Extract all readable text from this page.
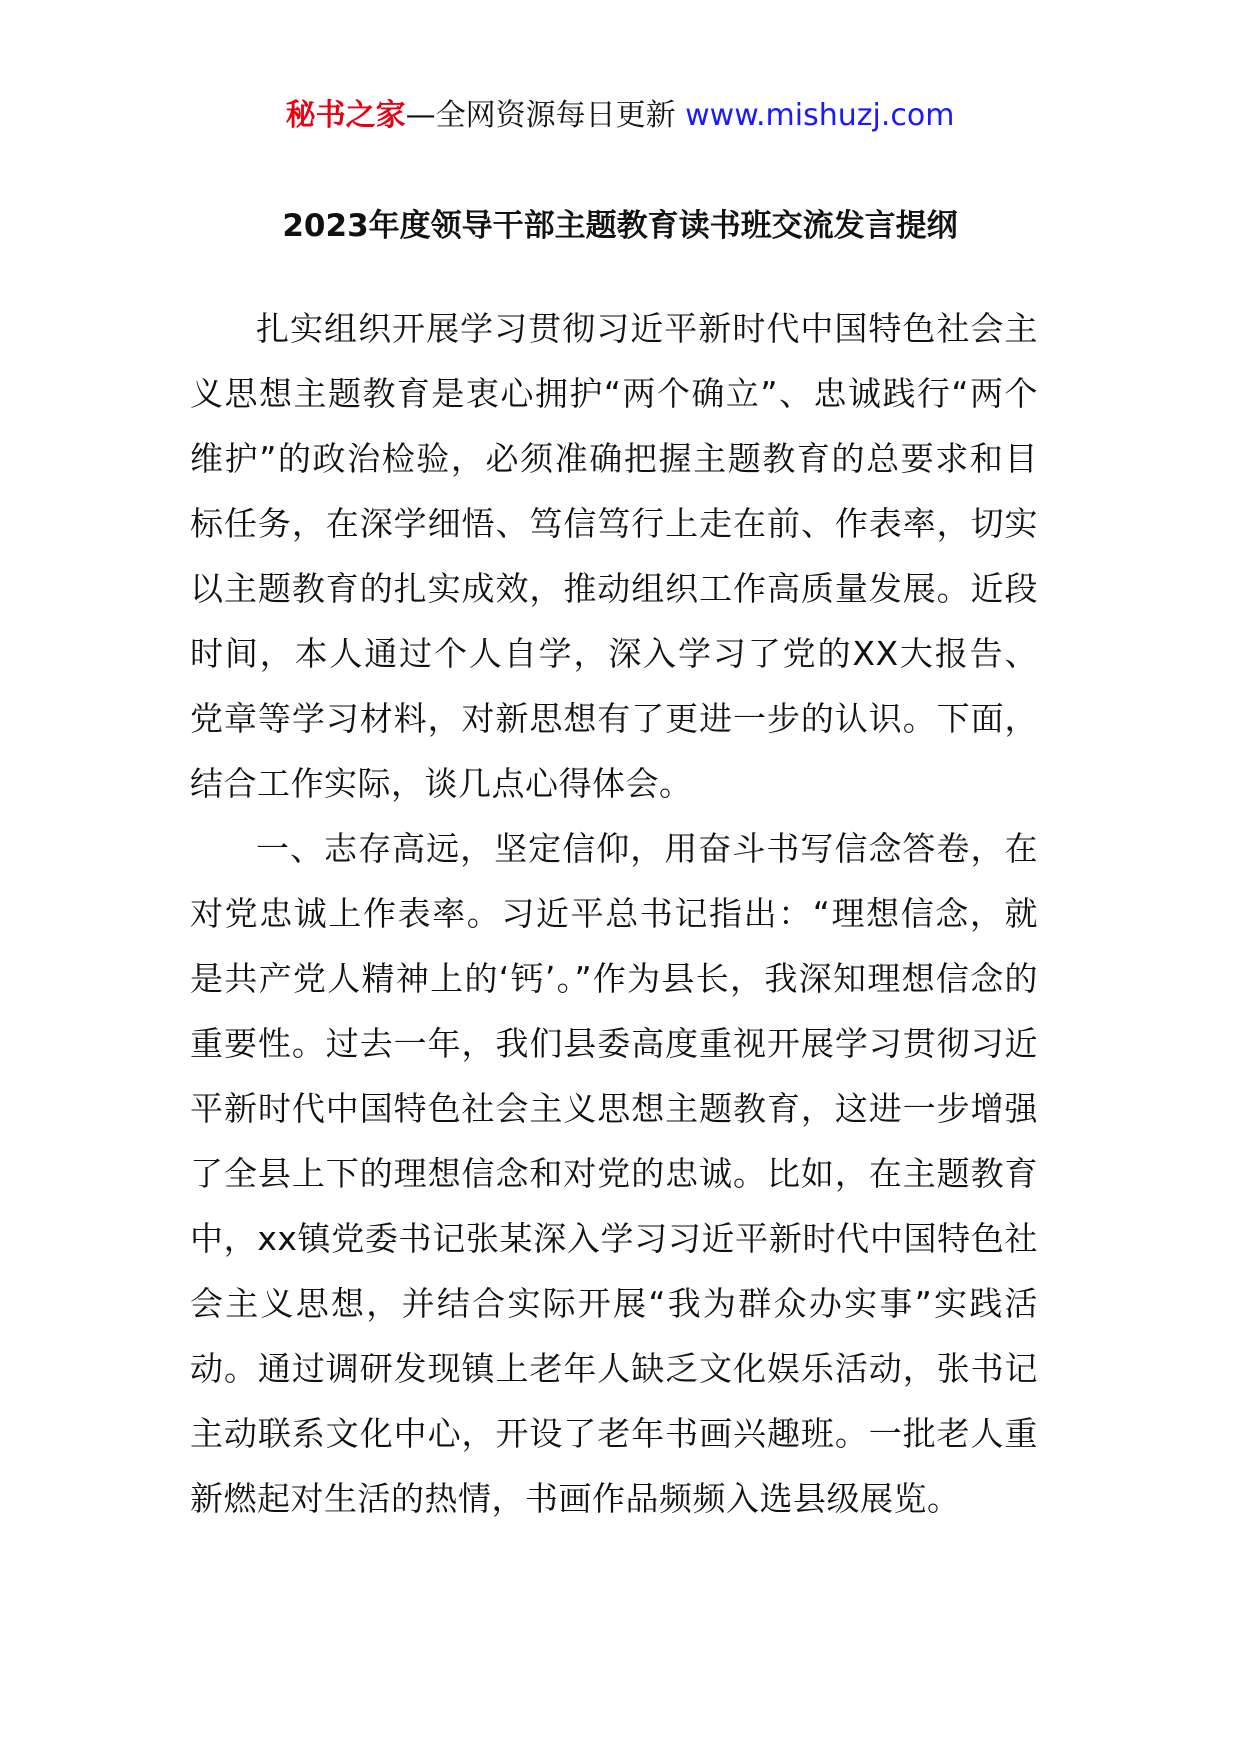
秘书之家—全网资源每日更新 www.mishuzj.com
2023年度领导干部主题教育读书班交流发言提纲

扎实组织开展学习贯彻习近平新时代中国特色社会主义思想主题教育是衷心拥护“两个确立”、忠诚践行“两个维护”的政治检验，必须准确把握主题教育的总要求和目标任务，在深学细悟、笃信笃行上走在前、作表率，切实以主题教育的扎实成效，推动组织工作高质量发展。近段时间，本人通过个人自学，深入学习了党的XX大报告、党章等学习材料，对新思想有了更进一步的认识。下面，结合工作实际，谈几点心得体会。

一、志存高远，坚定信仰，用奋斗书写信念答卷，在对党忠诚上作表率。习近平总书记指出：“理想信念，就是共产党人精神上的‘钙’。”作为县长，我深知理想信念的重要性。过去一年，我们县委高度重视开展学习贯彻习近平新时代中国特色社会主义思想主题教育，这进一步增强了全县上下的理想信念和对党的忠诚。比如，在主题教育中，xx镇党委书记张某深入学习习近平新时代中国特色社会主义思想，并结合实际开展“我为群众办实事”实践活动。通过调研发现镇上老年人缺乏文化娱乐活动，张书记主动联系文化中心，开设了老年书画兴趣班。一批老人重新燃起对生活的热情，书画作品频频入选县级展览。
